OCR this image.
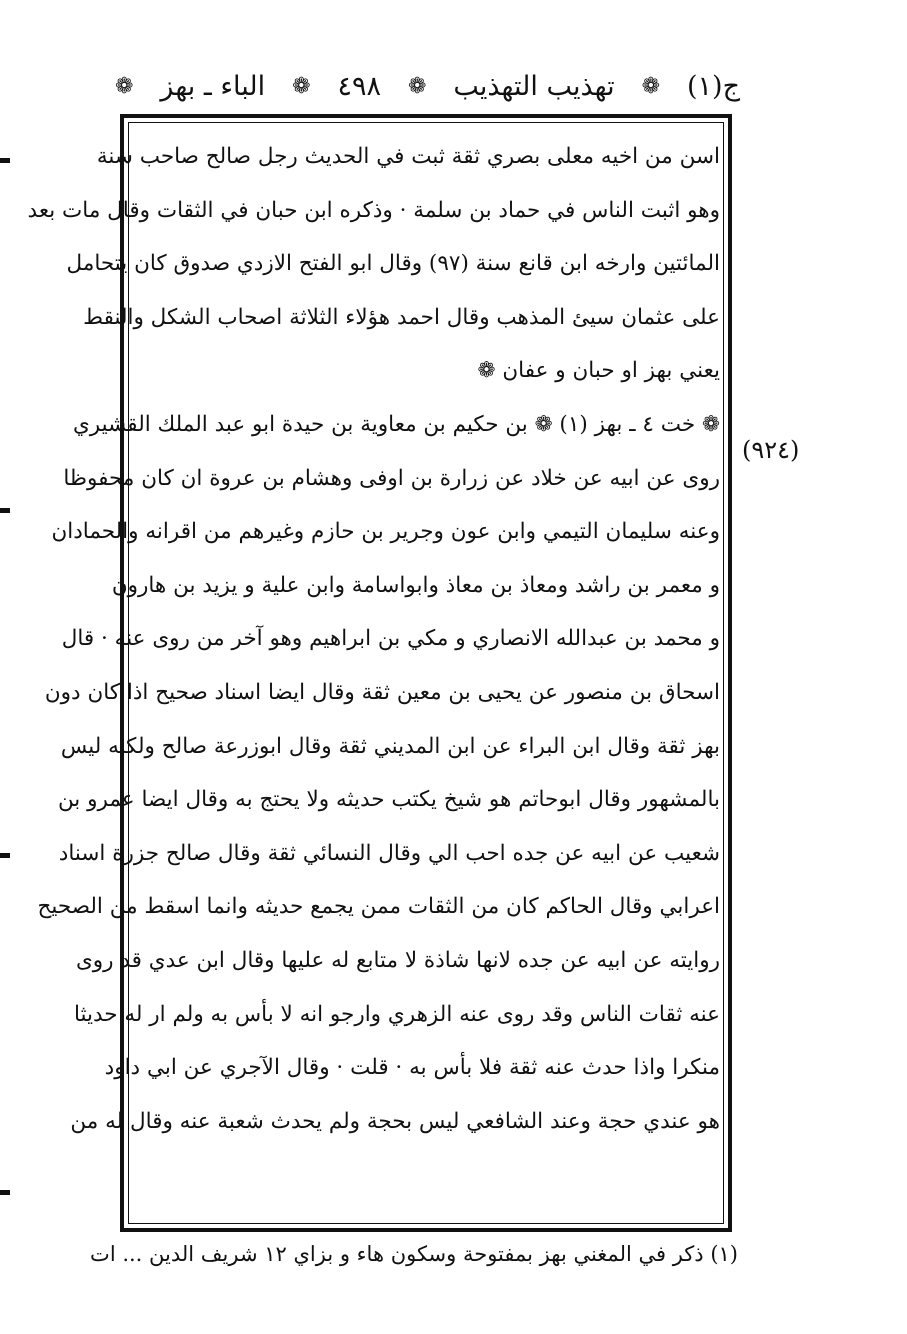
ج(١)
❁
تهذيب التهذيب
❁
٤٩٨
❁
الباء ـ بهز
❁
اسن من اخيه معلى بصري ثقة ثبت في الحديث رجل صالح صاحب سنة
وهو اثبت الناس في حماد بن سلمة · وذكره ابن حبان في الثقات وقال مات بعد
المائتين وارخه ابن قانع سنة (٩٧) وقال ابو الفتح الازدي صدوق كان يتحامل
على عثمان سيئ المذهب وقال احمد هؤلاء الثلاثة اصحاب الشكل والنقط
يعني بهز او حبان و عفان ❁
❁ خت ٤ ـ بهز (١) ❁ بن حكيم بن معاوية بن حيدة ابو عبد الملك القشيري
روى عن ابيه عن خلاد عن زرارة بن اوفى وهشام بن عروة ان كان محفوظا
وعنه سليمان التيمي وابن عون وجرير بن حازم وغيرهم من اقرانه والحمادان
و معمر بن راشد ومعاذ بن معاذ وابواسامة وابن علية و يزيد بن هارون
و محمد بن عبدالله الانصاري و مكي بن ابراهيم وهو آخر من روى عنه · قال
اسحاق بن منصور عن يحيى بن معين ثقة وقال ايضا اسناد صحيح اذا كان دون
بهز ثقة وقال ابن البراء عن ابن المديني ثقة وقال ابوزرعة صالح ولكنه ليس
بالمشهور وقال ابوحاتم هو شيخ يكتب حديثه ولا يحتج به وقال ايضا عمرو بن
شعيب عن ابيه عن جده احب الي وقال النسائي ثقة وقال صالح جزرة اسناد
اعرابي وقال الحاكم كان من الثقات ممن يجمع حديثه وانما اسقط من الصحيح
روايته عن ابيه عن جده لانها شاذة لا متابع له عليها وقال ابن عدي قد روى
عنه ثقات الناس وقد روى عنه الزهري وارجو انه لا بأس به ولم ار له حديثا
منكرا واذا حدث عنه ثقة فلا بأس به · قلت · وقال الآجري عن ابي داود
هو عندي حجة وعند الشافعي ليس بحجة ولم يحدث شعبة عنه وقال له من
(٩٢٤)
(١) ذكر في المغني بهز بمفتوحة وسكون هاء و بزاي ١٢ شريف الدين ... ات
